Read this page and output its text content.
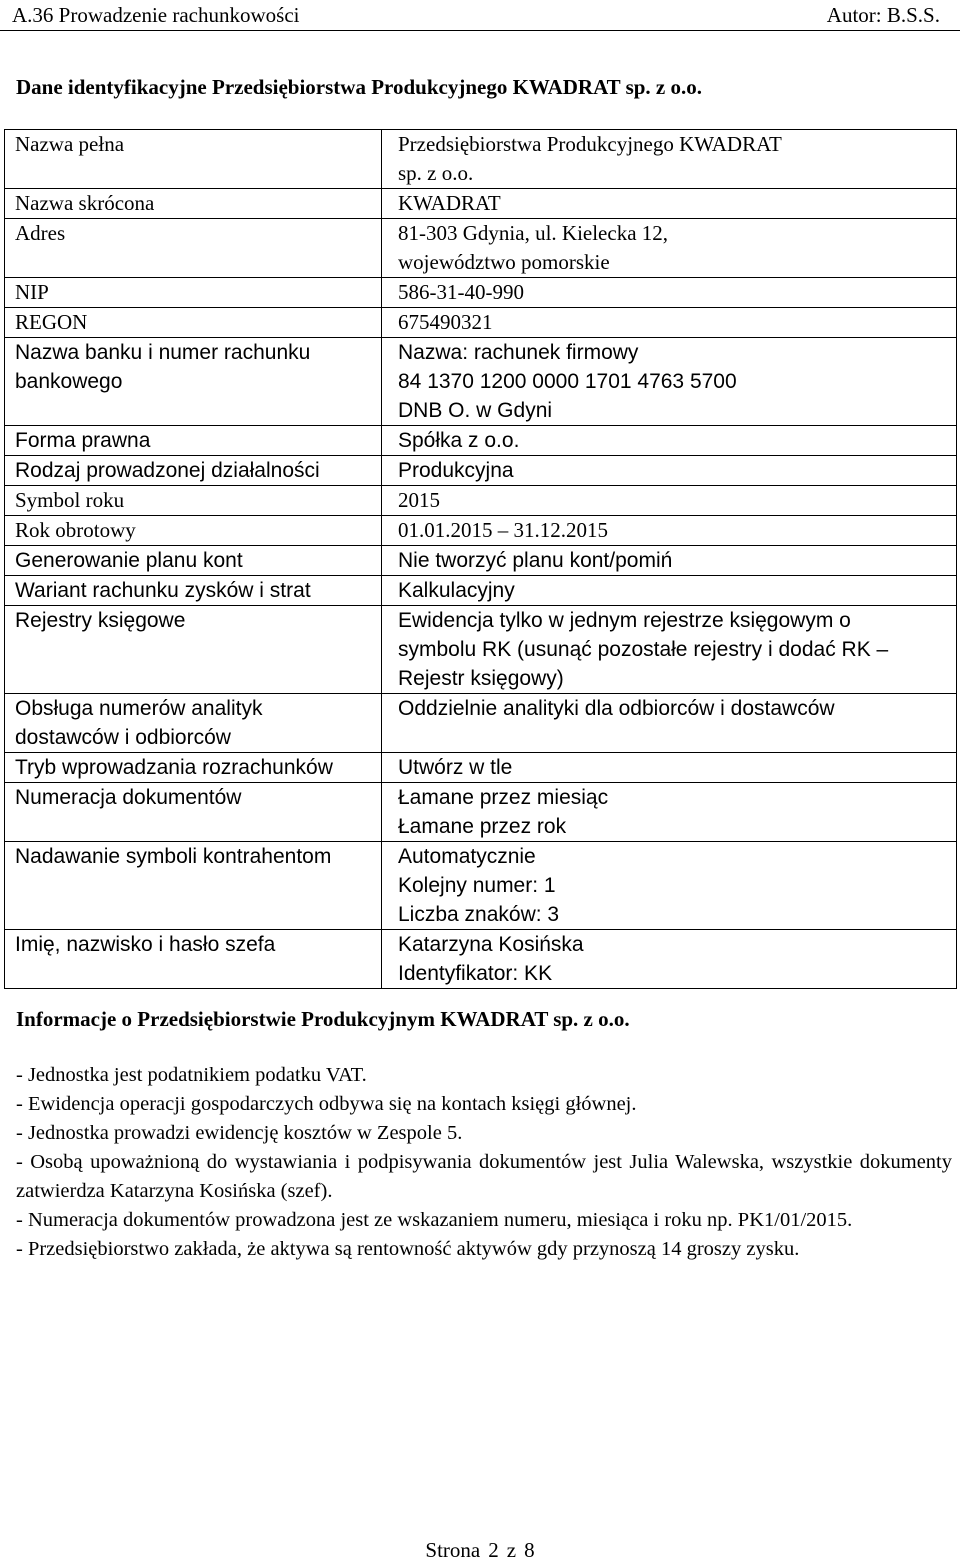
A.36 Prowadzenie rachunkowości	Autor: B.S.S.
Dane identyfikacyjne Przedsiębiorstwa Produkcyjnego KWADRAT sp. z o.o.
Nazwa pełna	Przedsiębiorstwa Produkcyjnego KWADRAT
sp. z o.o.

Nazwa skrócona	KWADRAT

Adres	81-303 Gdynia, ul. Kielecka 12,
województwo pomorskie

NIP	586-31-40-990

REGON	675490321

Nazwa banku i numer rachunku
bankowego	Nazwa: rachunek firmowy
84 1370 1200 0000 1701 4763 5700
DNB O. w Gdyni

Forma prawna	Spółka z o.o.

Rodzaj prowadzonej działalności	Produkcyjna

Symbol roku	2015

Rok obrotowy	01.01.2015 – 31.12.2015

Generowanie planu kont	Nie tworzyć planu kont/pomiń

Wariant rachunku zysków i strat	Kalkulacyjny

Rejestry księgowe	Ewidencja tylko w jednym rejestrze księgowym o
symbolu RK (usunąć pozostałe rejestry i dodać RK –
Rejestr księgowy)

Obsługa numerów analityk
dostawców i odbiorców	Oddzielnie analityki dla odbiorców i dostawców

Tryb wprowadzania rozrachunków	Utwórz w tle

Numeracja dokumentów	Łamane przez miesiąc
Łamane przez rok

Nadawanie symboli kontrahentom	Automatycznie
Kolejny numer: 1
Liczba znaków: 3

Imię, nazwisko i hasło szefa	Katarzyna Kosińska
Identyfikator: KK
Informacje o Przedsiębiorstwie Produkcyjnym KWADRAT sp. z o.o.

- Jednostka jest podatnikiem podatku VAT.

- Ewidencja operacji gospodarczych odbywa się na kontach księgi głównej.

- Jednostka prowadzi ewidencję kosztów w Zespole 5.

- Osobą upoważnioną do wystawiania i podpisywania dokumentów jest Julia Walewska, wszystkie dokumenty zatwierdza Katarzyna Kosińska (szef).

- Numeracja dokumentów prowadzona jest ze wskazaniem numeru, miesiąca i roku np. PK1/01/2015.

- Przedsiębiorstwo zakłada, że aktywa są rentowność aktywów gdy przynoszą 14 groszy zysku.

Strona 2 z 8
